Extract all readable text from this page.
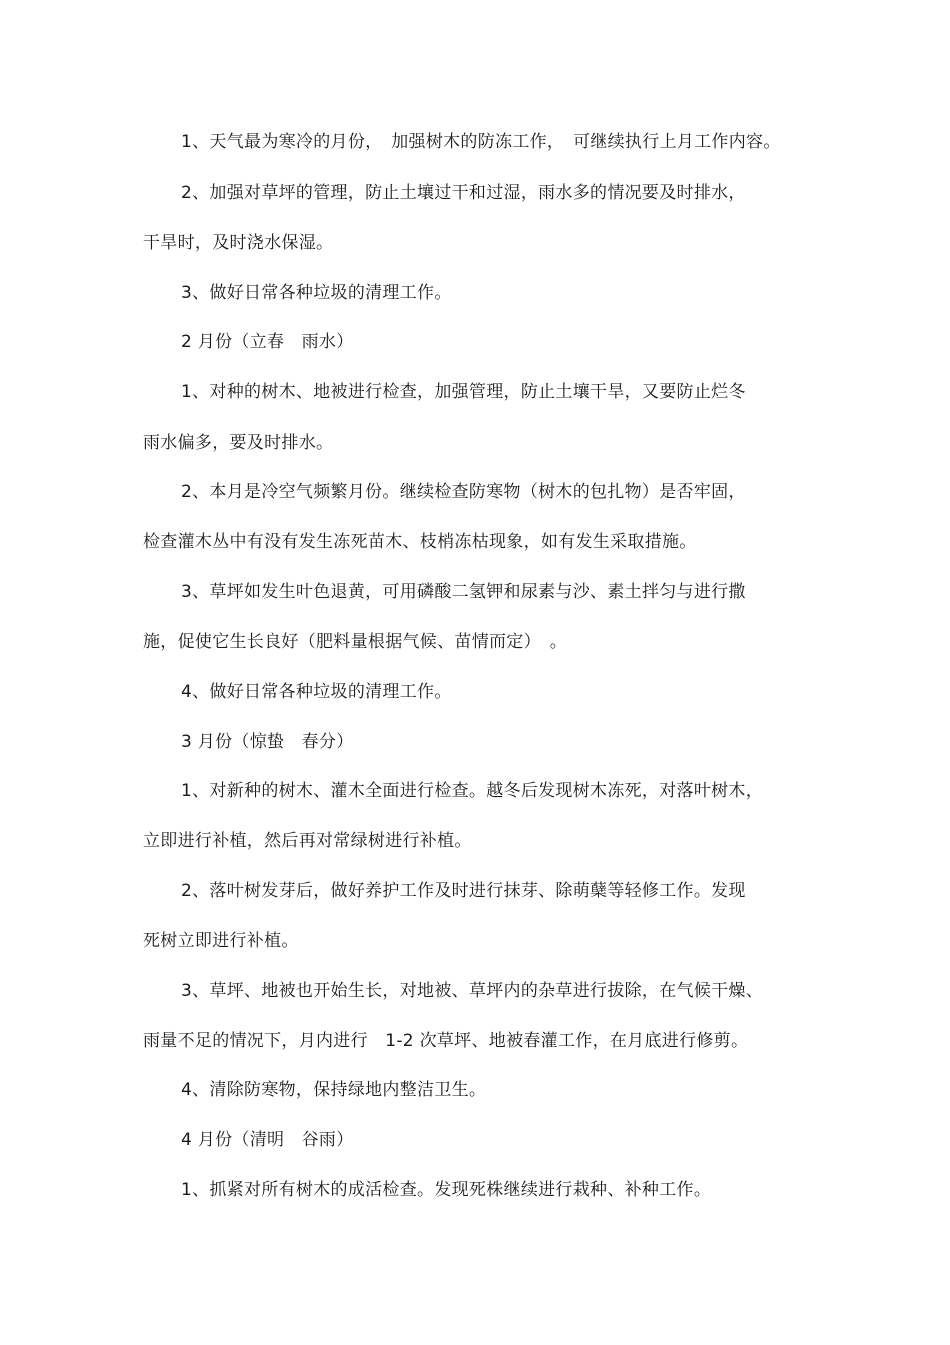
1、天气最为寒冷的月份，　加强树木的防冻工作，　可继续执行上月工作内容。
2、加强对草坪的管理，防止土壤过干和过湿，雨水多的情况要及时排水，
干旱时，及时浇水保湿。
3、做好日常各种垃圾的清理工作。
2 月份（立春　雨水）
1、对种的树木、地被进行检查，加强管理，防止土壤干旱，又要防止烂冬
雨水偏多，要及时排水。
2、本月是冷空气频繁月份。继续检查防寒物（树木的包扎物）是否牢固，
检查灌木丛中有没有发生冻死苗木、枝梢冻枯现象，如有发生采取措施。
3、草坪如发生叶色退黄，可用磷酸二氢钾和尿素与沙、素土拌匀与进行撒
施，促使它生长良好（肥料量根据气候、苗情而定）　。
4、做好日常各种垃圾的清理工作。
3 月份（惊蛰　春分）
1、对新种的树木、灌木全面进行检查。越冬后发现树木冻死，对落叶树木，
立即进行补植，然后再对常绿树进行补植。
2、落叶树发芽后，做好养护工作及时进行抹芽、除萌蘖等轻修工作。发现
死树立即进行补植。
3、草坪、地被也开始生长，对地被、草坪内的杂草进行拔除，在气候干燥、
雨量不足的情况下，月内进行　1-2 次草坪、地被春灌工作，在月底进行修剪。
4、清除防寒物，保持绿地内整洁卫生。
4 月份（清明　谷雨）
1、抓紧对所有树木的成活检查。发现死株继续进行栽种、补种工作。
